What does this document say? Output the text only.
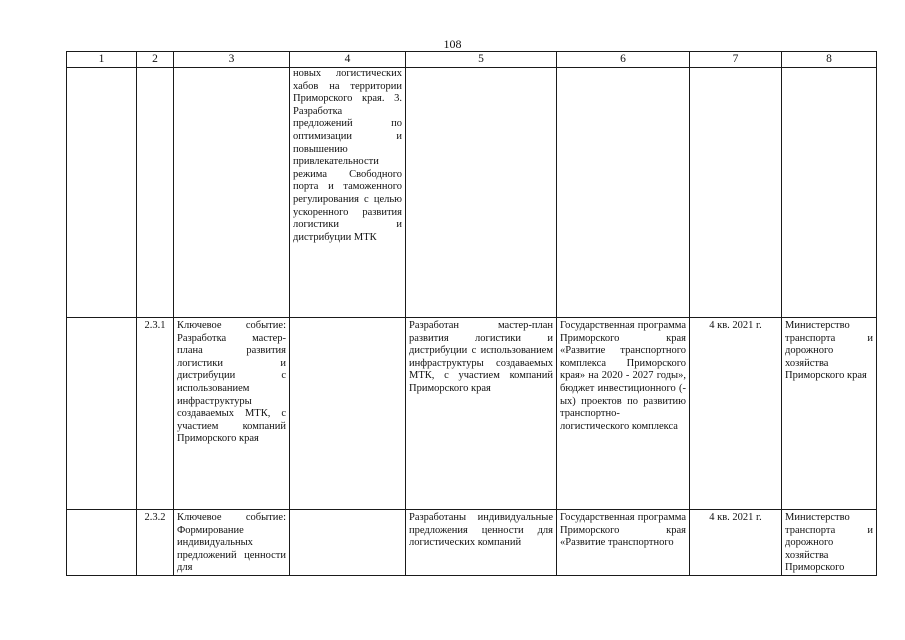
108
1	2	3	4	5	6	7	8
			новых логистических хабов на территории Приморского края. 3. Разработка предложений по оптимизации и повышению привлекательности режима Свободного порта и таможенного регулирования с целью ускоренного развития логистики и дистрибуции МТК				
	2.3.1	Ключевое событие: Разработка мастер-плана развития логистики и дистрибуции с использованием инфраструктуры создаваемых МТК, с участием компаний Приморского края		Разработан мастер-план развития логистики и дистрибуции с использованием инфраструктуры создаваемых МТК, с участием компаний Приморского края	Государственная программа Приморского края «Развитие транспортного комплекса Приморского края» на 2020 - 2027 годы», бюджет инвестиционного (-ых) проектов по развитию транспортно-логистического комплекса	4 кв. 2021 г.	Министерство транспорта и дорожного хозяйства Приморского края
	2.3.2	Ключевое событие: Формирование индивидуальных предложений ценности для		Разработаны индивидуальные предложения ценности для логистических компаний	Государственная программа Приморского края «Развитие транспортного	4 кв. 2021 г.	Министерство транспорта и дорожного хозяйства Приморского
